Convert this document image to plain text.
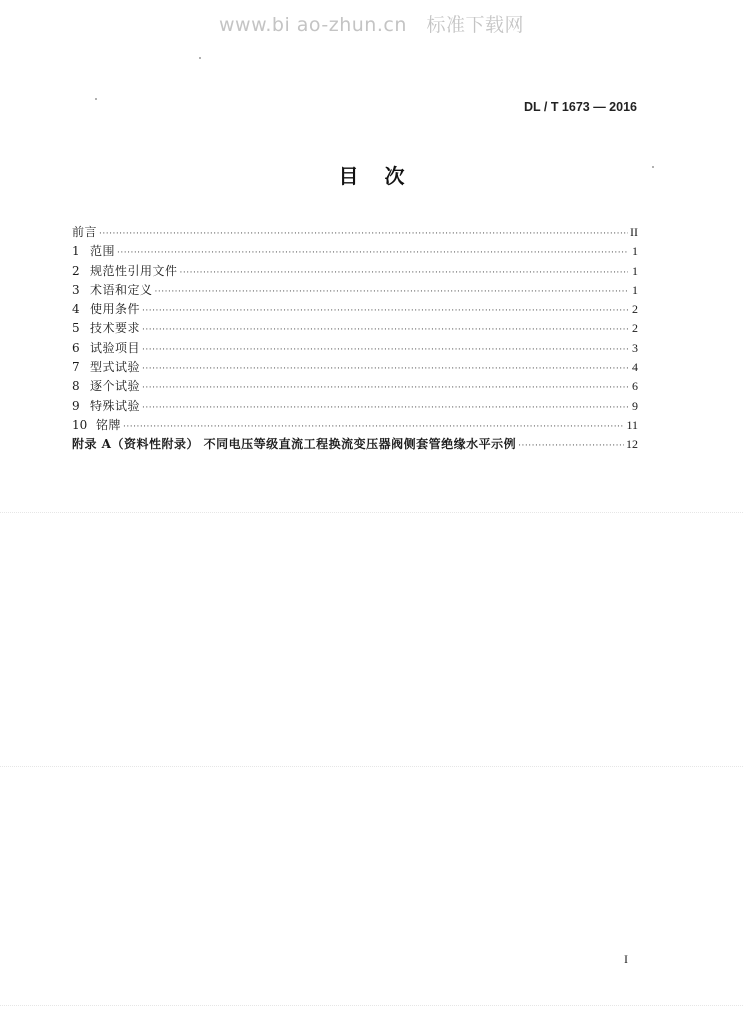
www.bi ao-zhun.cn   标准下载网
DL / T 1673 — 2016
目次
前言 ·····	II
1 范围 ·····	1
2 规范性引用文件 ·····	1
3 术语和定义 ·····	1
4 使用条件 ·····	2
5 技术要求 ·····	2
6 试验项目 ·····	3
7 型式试验 ·····	4
8 逐个试验 ·····	6
9 特殊试验 ·····	9
10 铭牌 ·····	11
附录 A（资料性附录） 不同电压等级直流工程换流变压器阀侧套管绝缘水平示例 ·····	12
I
